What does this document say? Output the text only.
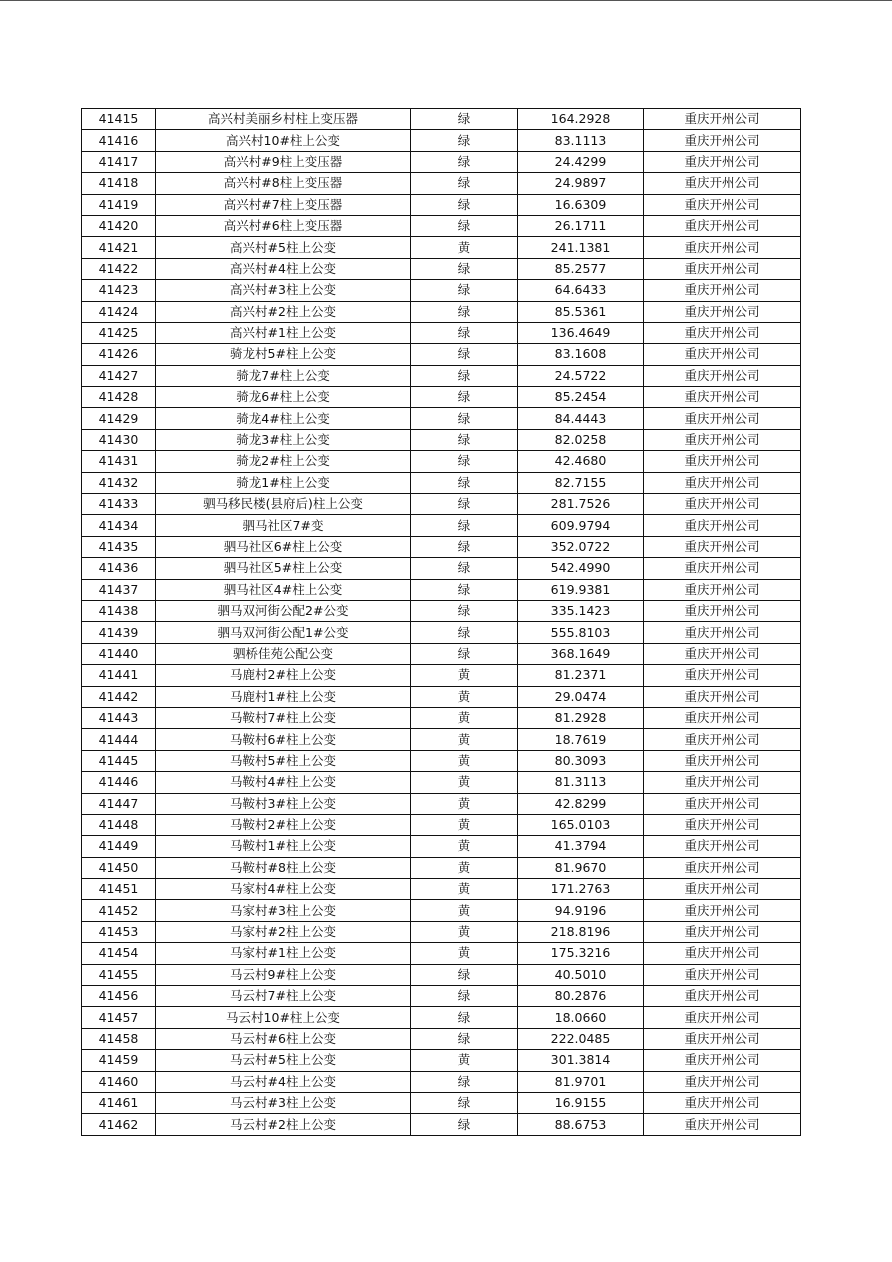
41415	高兴村美丽乡村柱上变压器	绿	164.2928	重庆开州公司
41416	高兴村10#柱上公变	绿	83.1113	重庆开州公司
41417	高兴村#9柱上变压器	绿	24.4299	重庆开州公司
41418	高兴村#8柱上变压器	绿	24.9897	重庆开州公司
41419	高兴村#7柱上变压器	绿	16.6309	重庆开州公司
41420	高兴村#6柱上变压器	绿	26.1711	重庆开州公司
41421	高兴村#5柱上公变	黄	241.1381	重庆开州公司
41422	高兴村#4柱上公变	绿	85.2577	重庆开州公司
41423	高兴村#3柱上公变	绿	64.6433	重庆开州公司
41424	高兴村#2柱上公变	绿	85.5361	重庆开州公司
41425	高兴村#1柱上公变	绿	136.4649	重庆开州公司
41426	骑龙村5#柱上公变	绿	83.1608	重庆开州公司
41427	骑龙7#柱上公变	绿	24.5722	重庆开州公司
41428	骑龙6#柱上公变	绿	85.2454	重庆开州公司
41429	骑龙4#柱上公变	绿	84.4443	重庆开州公司
41430	骑龙3#柱上公变	绿	82.0258	重庆开州公司
41431	骑龙2#柱上公变	绿	42.4680	重庆开州公司
41432	骑龙1#柱上公变	绿	82.7155	重庆开州公司
41433	驷马移民楼(县府后)柱上公变	绿	281.7526	重庆开州公司
41434	驷马社区7#变	绿	609.9794	重庆开州公司
41435	驷马社区6#柱上公变	绿	352.0722	重庆开州公司
41436	驷马社区5#柱上公变	绿	542.4990	重庆开州公司
41437	驷马社区4#柱上公变	绿	619.9381	重庆开州公司
41438	驷马双河街公配2#公变	绿	335.1423	重庆开州公司
41439	驷马双河街公配1#公变	绿	555.8103	重庆开州公司
41440	驷桥佳苑公配公变	绿	368.1649	重庆开州公司
41441	马鹿村2#柱上公变	黄	81.2371	重庆开州公司
41442	马鹿村1#柱上公变	黄	29.0474	重庆开州公司
41443	马鞍村7#柱上公变	黄	81.2928	重庆开州公司
41444	马鞍村6#柱上公变	黄	18.7619	重庆开州公司
41445	马鞍村5#柱上公变	黄	80.3093	重庆开州公司
41446	马鞍村4#柱上公变	黄	81.3113	重庆开州公司
41447	马鞍村3#柱上公变	黄	42.8299	重庆开州公司
41448	马鞍村2#柱上公变	黄	165.0103	重庆开州公司
41449	马鞍村1#柱上公变	黄	41.3794	重庆开州公司
41450	马鞍村#8柱上公变	黄	81.9670	重庆开州公司
41451	马家村4#柱上公变	黄	171.2763	重庆开州公司
41452	马家村#3柱上公变	黄	94.9196	重庆开州公司
41453	马家村#2柱上公变	黄	218.8196	重庆开州公司
41454	马家村#1柱上公变	黄	175.3216	重庆开州公司
41455	马云村9#柱上公变	绿	40.5010	重庆开州公司
41456	马云村7#柱上公变	绿	80.2876	重庆开州公司
41457	马云村10#柱上公变	绿	18.0660	重庆开州公司
41458	马云村#6柱上公变	绿	222.0485	重庆开州公司
41459	马云村#5柱上公变	黄	301.3814	重庆开州公司
41460	马云村#4柱上公变	绿	81.9701	重庆开州公司
41461	马云村#3柱上公变	绿	16.9155	重庆开州公司
41462	马云村#2柱上公变	绿	88.6753	重庆开州公司
